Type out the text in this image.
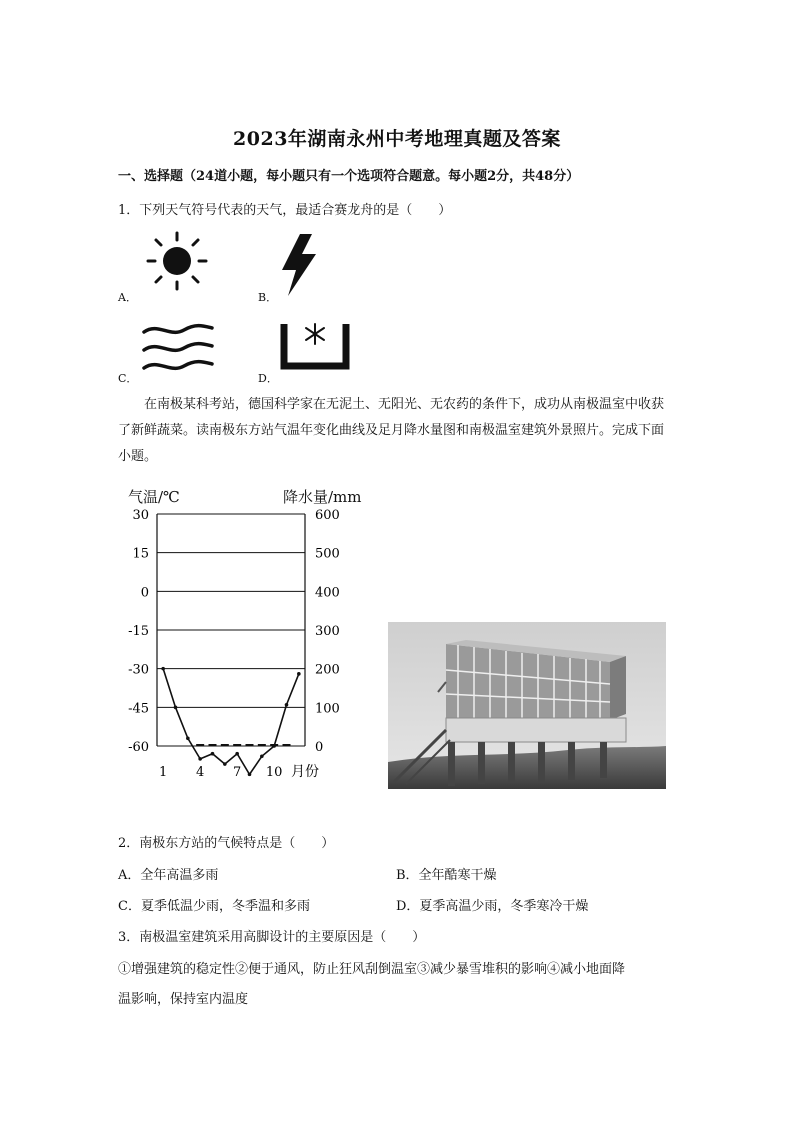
2023年湖南永州中考地理真题及答案
一、选择题（24道小题，每小题只有一个选项符合题意。每小题2分，共48分）
1．下列天气符号代表的天气，最适合赛龙舟的是（　　）
A．	B．
C．	D．
在南极某科考站，德国科学家在无泥土、无阳光、无农药的条件下，成功从南极温室中收获了新鲜蔬菜。读南极东方站气温年变化曲线及足月降水量图和南极温室建筑外景照片。完成下面小题。
气温/℃	降水量/mm
30
15
0
-15
-30
-45
-60
600
500
400
300
200
100
0
1 4 7 10 月份
2．南极东方站的气候特点是（　　）
A．全年高温多雨	B．全年酷寒干燥
C．夏季低温少雨，冬季温和多雨	D．夏季高温少雨，冬季寒冷干燥
3．南极温室建筑采用高脚设计的主要原因是（　　）
①增强建筑的稳定性②便于通风，防止狂风刮倒温室③减少暴雪堆积的影响④减小地面降
温影响，保持室内温度
